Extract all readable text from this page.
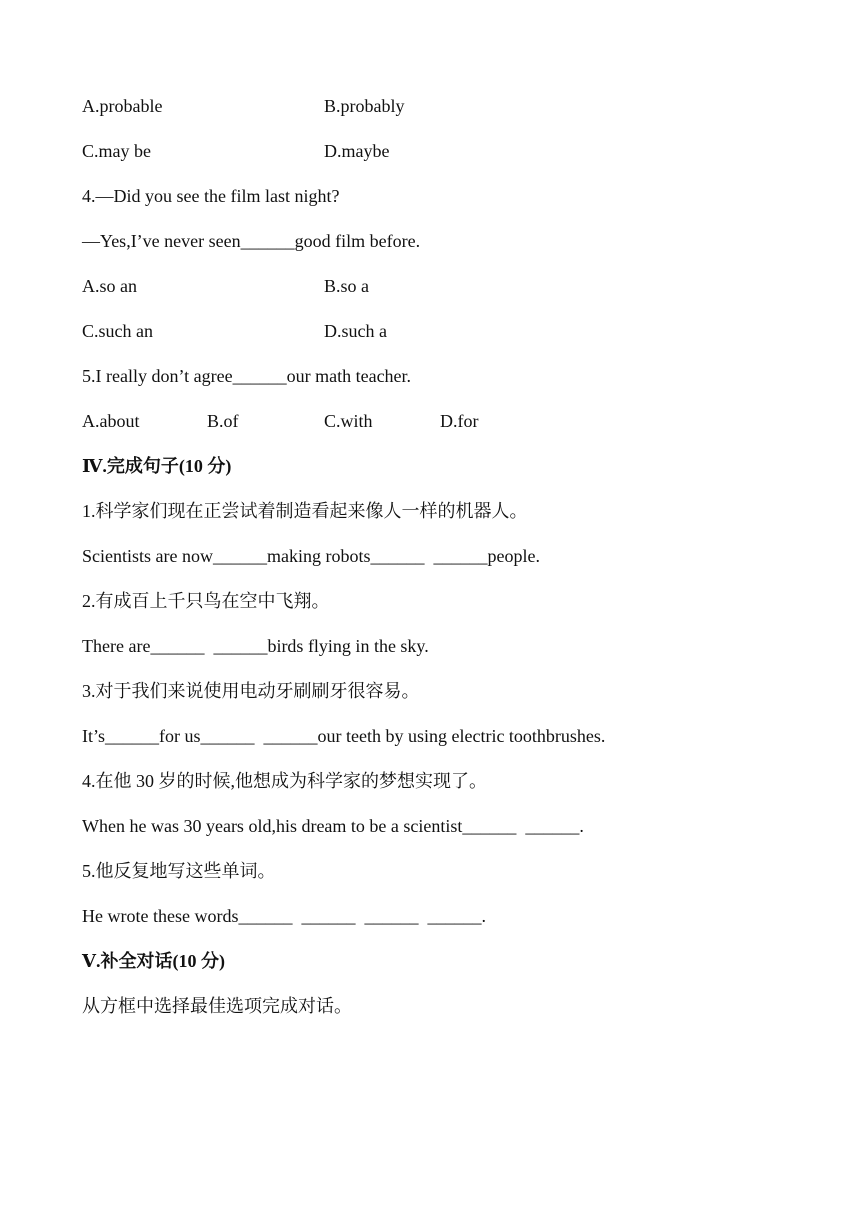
A.probable

	B.probably

C.may be

	D.maybe

4.—Did you see the film last night?
—Yes,I’ve never seen______good film before.

A.so an

	B.so a

C.such an

	D.such a

5.I really don’t agree______our math teacher.

A.about

	B.of

	C.with

	D.for

Ⅳ.完成句子(10 分)
1.科学家们现在正尝试着制造看起来像人一样的机器人。
Scientists are now______making robots______  ______people.
2.有成百上千只鸟在空中飞翔。
There are______  ______birds flying in the sky.
3.对于我们来说使用电动牙刷刷牙很容易。
It’s______for us______  ______our teeth by using electric toothbrushes.
4.在他 30 岁的时候,他想成为科学家的梦想实现了。
When he was 30 years old,his dream to be a scientist______  ______.
5.他反复地写这些单词。
He wrote these words______  ______  ______  ______.
Ⅴ.补全对话(10 分)
从方框中选择最佳选项完成对话。
